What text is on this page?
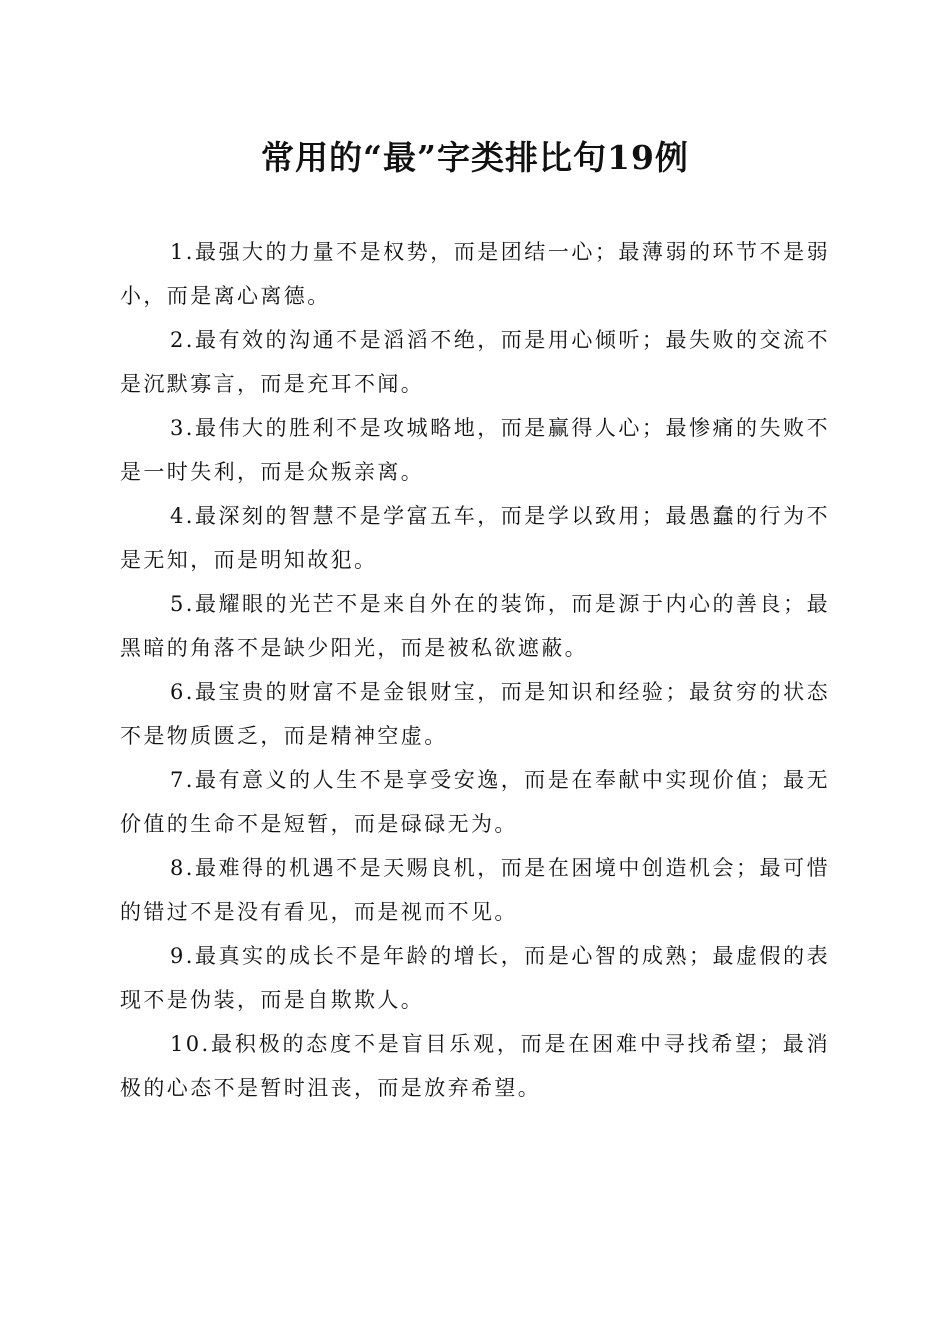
常用的“最”字类排比句19例

1.最强大的力量不是权势，而是团结一心；最薄弱的环节不是弱小，而是离心离德。

2.最有效的沟通不是滔滔不绝，而是用心倾听；最失败的交流不是沉默寡言，而是充耳不闻。

3.最伟大的胜利不是攻城略地，而是赢得人心；最惨痛的失败不是一时失利，而是众叛亲离。

4.最深刻的智慧不是学富五车，而是学以致用；最愚蠢的行为不是无知，而是明知故犯。

5.最耀眼的光芒不是来自外在的装饰，而是源于内心的善良；最黑暗的角落不是缺少阳光，而是被私欲遮蔽。

6.最宝贵的财富不是金银财宝，而是知识和经验；最贫穷的状态不是物质匮乏，而是精神空虚。

7.最有意义的人生不是享受安逸，而是在奉献中实现价值；最无价值的生命不是短暂，而是碌碌无为。

8.最难得的机遇不是天赐良机，而是在困境中创造机会；最可惜的错过不是没有看见，而是视而不见。

9.最真实的成长不是年龄的增长，而是心智的成熟；最虚假的表现不是伪装，而是自欺欺人。

10.最积极的态度不是盲目乐观，而是在困难中寻找希望；最消极的心态不是暂时沮丧，而是放弃希望。
